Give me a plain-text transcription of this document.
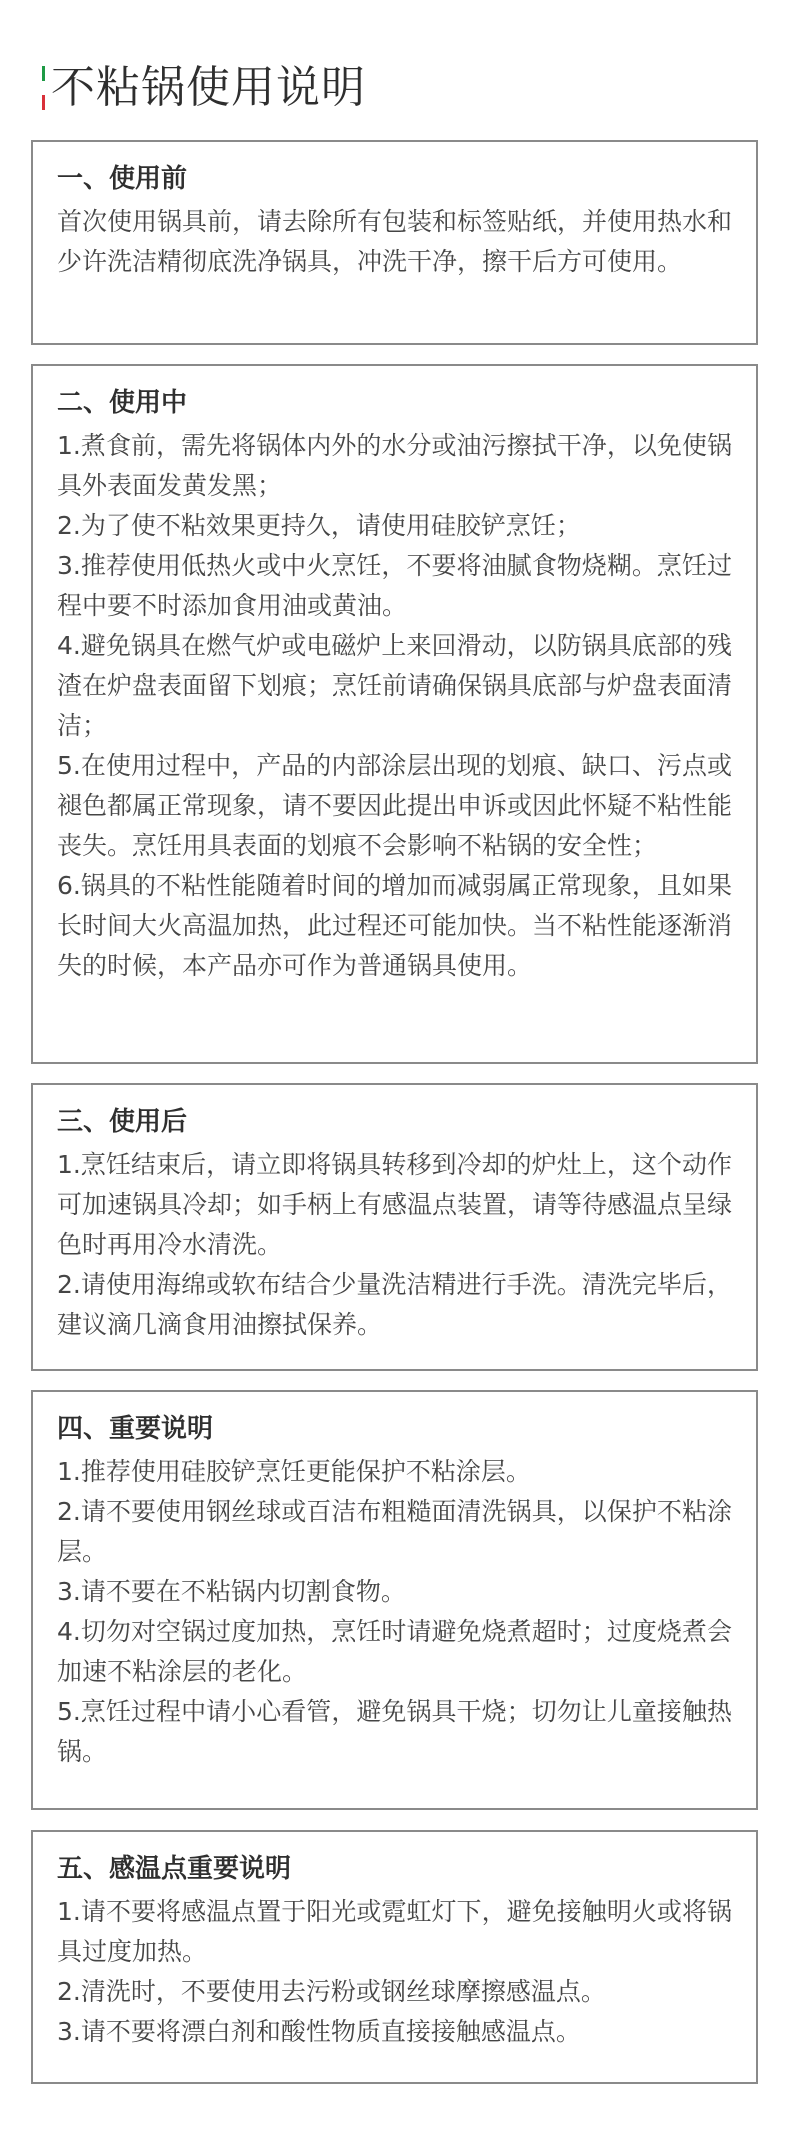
不粘锅使用说明
一、使用前

首次使用锅具前，请去除所有包装和标签贴纸，并使用热水和少许洗洁精彻底洗净锅具，冲洗干净，擦干后方可使用。

二、使用中

1.煮食前，需先将锅体内外的水分或油污擦拭干净，以免使锅具外表面发黄发黑；

2.为了使不粘效果更持久，请使用硅胶铲烹饪；

3.推荐使用低热火或中火烹饪，不要将油腻食物烧糊。烹饪过程中要不时添加食用油或黄油。

4.避免锅具在燃气炉或电磁炉上来回滑动，以防锅具底部的残渣在炉盘表面留下划痕；烹饪前请确保锅具底部与炉盘表面清洁；

5.在使用过程中，产品的内部涂层出现的划痕、缺口、污点或褪色都属正常现象，请不要因此提出申诉或因此怀疑不粘性能丧失。烹饪用具表面的划痕不会影响不粘锅的安全性；

6.锅具的不粘性能随着时间的增加而减弱属正常现象，且如果长时间大火高温加热，此过程还可能加快。当不粘性能逐渐消失的时候，本产品亦可作为普通锅具使用。

三、使用后

1.烹饪结束后，请立即将锅具转移到冷却的炉灶上，这个动作可加速锅具冷却；如手柄上有感温点装置，请等待感温点呈绿色时再用冷水清洗。

2.请使用海绵或软布结合少量洗洁精进行手洗。清洗完毕后，建议滴几滴食用油擦拭保养。

四、重要说明

1.推荐使用硅胶铲烹饪更能保护不粘涂层。

2.请不要使用钢丝球或百洁布粗糙面清洗锅具，以保护不粘涂层。

3.请不要在不粘锅内切割食物。

4.切勿对空锅过度加热，烹饪时请避免烧煮超时；过度烧煮会加速不粘涂层的老化。

5.烹饪过程中请小心看管，避免锅具干烧；切勿让儿童接触热锅。

五、感温点重要说明

1.请不要将感温点置于阳光或霓虹灯下，避免接触明火或将锅具过度加热。

2.清洗时，不要使用去污粉或钢丝球摩擦感温点。

3.请不要将漂白剂和酸性物质直接接触感温点。
